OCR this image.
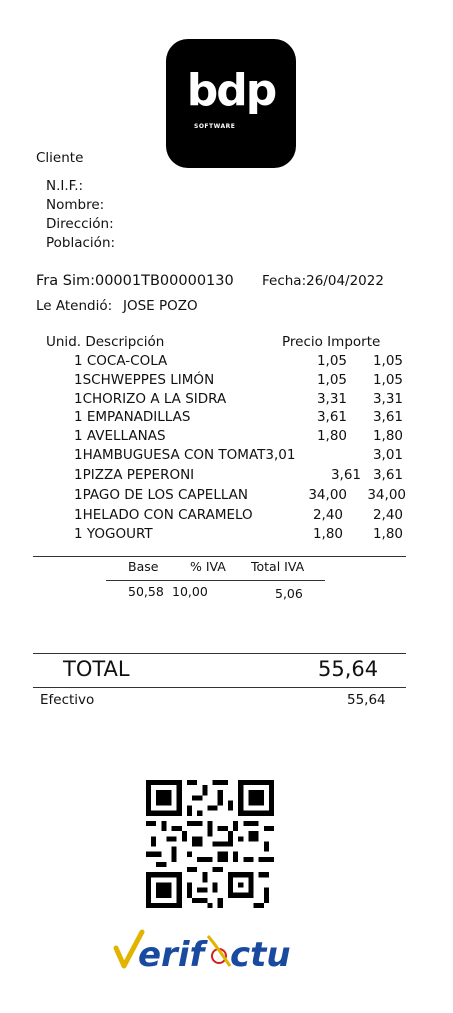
bdp
SOFTWARE
Cliente
N.I.F.:
Nombre:
Dirección:
Población:
Fra Sim:00001TB00000130 Fecha:26/04/2022
Le Atendió: JOSE POZO
Unid. Descripción	Precio Importe
1 COCA-COLA	1,05 1,05
1SCHWEPPES LIMÓN	1,05 1,05
1CHORIZO A LA SIDRA	3,31 3,31
1 EMPANADILLAS	3,61 3,61
1 AVELLANAS	1,80 1,80
1HAMBUGUESA CON TOMAT3,01	3,01
1PIZZA PEPERONI	3,61 3,61
1PAGO DE LOS CAPELLAN	34,00 34,00
1HELADO CON CARAMELO	2,40 2,40
1 YOGOURT	1,80 1,80
Base	% IVA Total IVA
50,58 10,00	5,06
TOTAL	55,64
Efectivo	55,64
erif ctu
